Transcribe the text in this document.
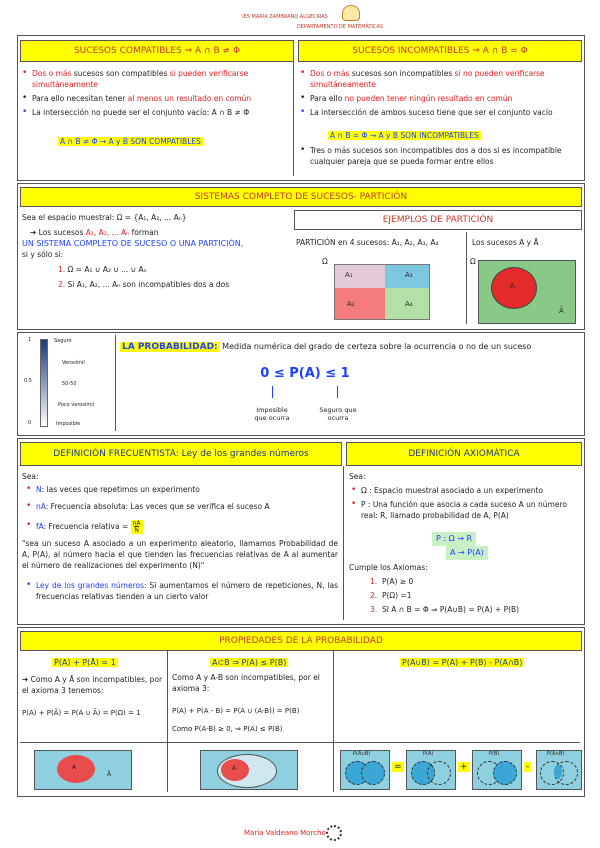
IES MARÍA ZAMBRANO ALGECIRAS
DEPARTAMENTO DE MATEMÁTICAS
SUCESOS COMPATIBLES ⇒ A ∩ B ≠ Φ	SUCESOS INCOMPATIBLES ⇒ A ∩ B = Φ
• Dos o más sucesos son compatibles si pueden verificarse simultáneamente
• Para ello necesitan tener al menos un resultado en común
• La intersección no puede ser el conjunto vacío: A ∩ B ≠ Φ
A ∩ B ≠ Φ → A y B SON COMPATIBLES
• Dos o más sucesos son incompatibles si no pueden verificarse simultáneamente
• Para ello no pueden tener ningún resultado en común
• La intersección de ambos suceso tiene que ser el conjunto vacío
A ∩ B = Φ → A y B SON INCOMPATIBLES
• Tres o más sucesos son incompatibles dos a dos si es incompatible cualquier pareja que se pueda formar entre ellos
SISTEMAS COMPLETO DE SUCESOS- PARTICIÓN
Sea el espacio muestral: Ω = {A₁, A₂, ... Aₙ}
➔ Los sucesos A₁, A₂, ... Aₙ forman
UN SISTEMA COMPLETO DE SUCESO O UNA PARTICIÓN,
si y sólo si:
1. Ω = A₁ ∪ A₂ ∪ ... ∪ Aₙ
2. Si A₁, A₂, ... Aₙ son incompatibles dos a dos
EJEMPLOS DE PARTICIÓN
PARTICIÓN en 4 sucesos: A₁, A₂, A₃, A₄	Los sucesos A y Ā
Ω
A₁
A₂
A₃
A₄
Ω
A
Ā
1
0.5
0
Seguro
Verosímil
50-50
Poco verosímil
Imposible
LA PROBABILIDAD: Medida numérica del grado de certeza sobre la ocurrencia o no de un suceso
0 ≤ P(A) ≤ 1
Imposible que ocurra
Seguro que ocurra
DEFINICIÓN FRECUENTISTA: Ley de los grandes números	DEFINICIÓN AXIOMÁTICA
Sea:
• N: las veces que repetimos un experimento
• nA: Frecuencia absoluta: Las veces que se verifica el suceso A
• fA: Frecuencia relativa = $\frac{nA}{N}$
"sea un suceso A asociado a un experimento aleatorio, llamamos Probabilidad de A, P(A), al número hacia el que tienden las frecuencias relativas de A al aumentar el número de realizaciones del experimento (N)"
• Ley de los grandes números: Si aumentamos el número de repeticiones, N, las frecuencias relativas tienden a un cierto valor
Sea:
• Ω : Espacio muestral asociado a un experimento
• P : Una función que asocia a cada suceso A un número real: R, llamado probabilidad de A, P(A)
P : Ω → R
A → P(A)
Cumple los Axiomas:
1. P(A) ≥ 0
2. P(Ω) =1
3. SI A ∩ B = Φ ⇒ P(A∪B) = P(A) + P(B)
PROPIEDADES DE LA PROBABILIDAD
P(A) + P(Ā) = 1
➔ Como A y Ā son incompatibles, por el axioma 3 tenemos:
P(A) + P(Ā) = P(A ∪ Ā) = P(Ω) = 1
A⊂B ⇒ P(A) ≤ P(B)
Como A y A-B son incompatibles, por el axioma 3:
P(A) + P(A - B) = P(A ∪ (A-B)) = P(B)
Como P(A-B) ≥ 0, ⇒ P(A) ≤ P(B)
P(A∪B) = P(A) + P(B) - P(A∩B)
A
Ā
A
P(A∪B)
=
P(A)
+
P(B)
-
P(A∩B)
María Valdeano Morcho
